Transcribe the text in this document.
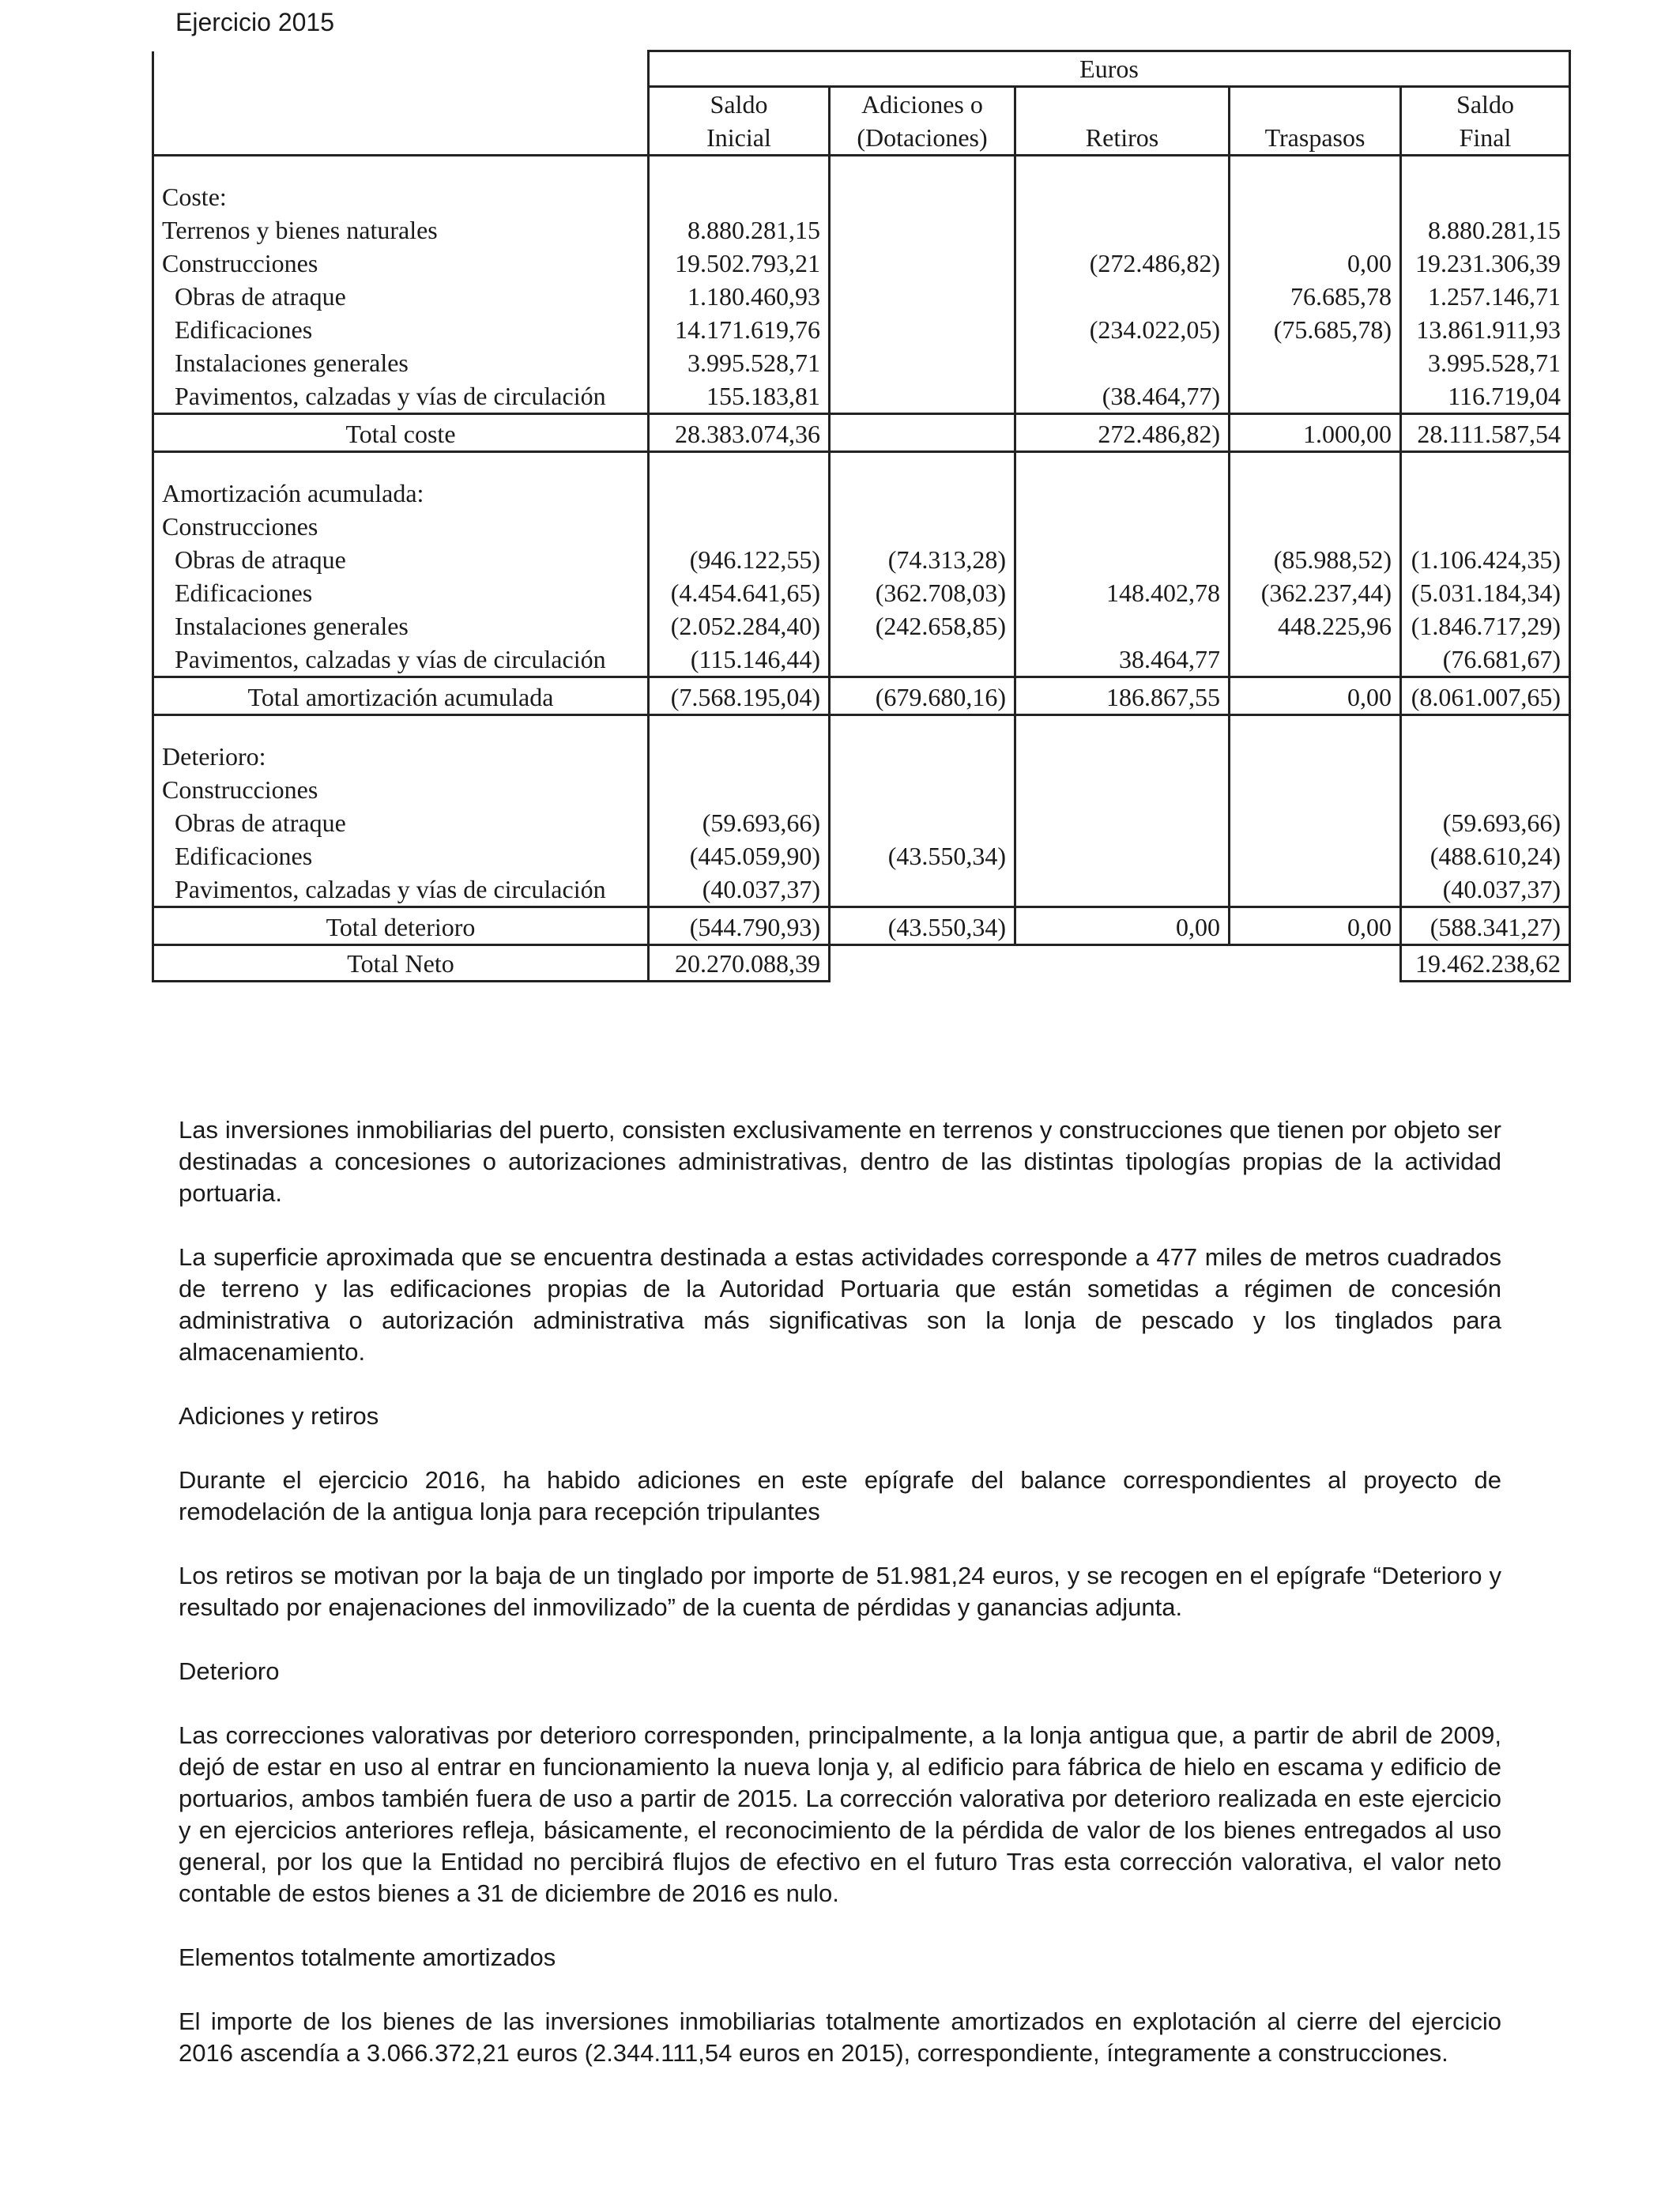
Ejercicio 2015
	Euros				
	Saldo	Adiciones o			Saldo
	Inicial	(Dotaciones)	Retiros	Traspasos	Final

Coste:					
Terrenos y bienes naturales	8.880.281,15				8.880.281,15
Construcciones	19.502.793,21		(272.486,82)	0,00	19.231.306,39
Obras de atraque	1.180.460,93			76.685,78	1.257.146,71
Edificaciones	14.171.619,76		(234.022,05)	(75.685,78)	13.861.911,93
Instalaciones generales	3.995.528,71				3.995.528,71
Pavimentos, calzadas y vías de circulación	155.183,81		(38.464,77)		116.719,04
Total coste	28.383.074,36		272.486,82)	1.000,00	28.111.587,54

Amortización acumulada:					
Construcciones					
Obras de atraque	(946.122,55)	(74.313,28)		(85.988,52)	(1.106.424,35)
Edificaciones	(4.454.641,65)	(362.708,03)	148.402,78	(362.237,44)	(5.031.184,34)
Instalaciones generales	(2.052.284,40)	(242.658,85)		448.225,96	(1.846.717,29)
Pavimentos, calzadas y vías de circulación	(115.146,44)		38.464,77		(76.681,67)
Total amortización acumulada	(7.568.195,04)	(679.680,16)	186.867,55	0,00	(8.061.007,65)

Deterioro:					
Construcciones					
Obras de atraque	(59.693,66)				(59.693,66)
Edificaciones	(445.059,90)	(43.550,34)			(488.610,24)
Pavimentos, calzadas y vías de circulación	(40.037,37)				(40.037,37)
Total deterioro	(544.790,93)	(43.550,34)	0,00	0,00	(588.341,27)
Total Neto	20.270.088,39				19.462.238,62

Las inversiones inmobiliarias del puerto, consisten exclusivamente en terrenos y construcciones que tienen por objeto ser destinadas a concesiones o autorizaciones administrativas, dentro de las distintas tipologías propias de la actividad portuaria.

La superficie aproximada que se encuentra destinada a estas actividades corresponde a 477 miles de metros cuadrados de terreno y las edificaciones propias de la Autoridad Portuaria que están sometidas a régimen de concesión administrativa o autorización administrativa más significativas son la lonja de pescado y los tinglados para almacenamiento.

Adiciones y retiros

Durante el ejercicio 2016, ha habido adiciones en este epígrafe del balance correspondientes al proyecto de remodelación de la antigua lonja para recepción tripulantes

Los retiros se motivan por la baja de un tinglado por importe de 51.981,24 euros, y se recogen en el epígrafe “Deterioro y resultado por enajenaciones del inmovilizado” de la cuenta de pérdidas y ganancias adjunta.

Deterioro

Las correcciones valorativas por deterioro corresponden, principalmente, a la lonja antigua que, a partir de abril de 2009, dejó de estar en uso al entrar en funcionamiento la nueva lonja y, al edificio para fábrica de hielo en escama y edificio de portuarios, ambos también fuera de uso a partir de 2015. La corrección valorativa por deterioro realizada en este ejercicio y en ejercicios anteriores refleja, básicamente, el reconocimiento de la pérdida de valor de los bienes entregados al uso general, por los que la Entidad no percibirá flujos de efectivo en el futuro Tras esta corrección valorativa, el valor neto contable de estos bienes a 31 de diciembre de 2016 es nulo.

Elementos totalmente amortizados

El importe de los bienes de las inversiones inmobiliarias totalmente amortizados en explotación al cierre del ejercicio 2016 ascendía a 3.066.372,21 euros (2.344.111,54 euros en 2015), correspondiente, íntegramente a construcciones.
